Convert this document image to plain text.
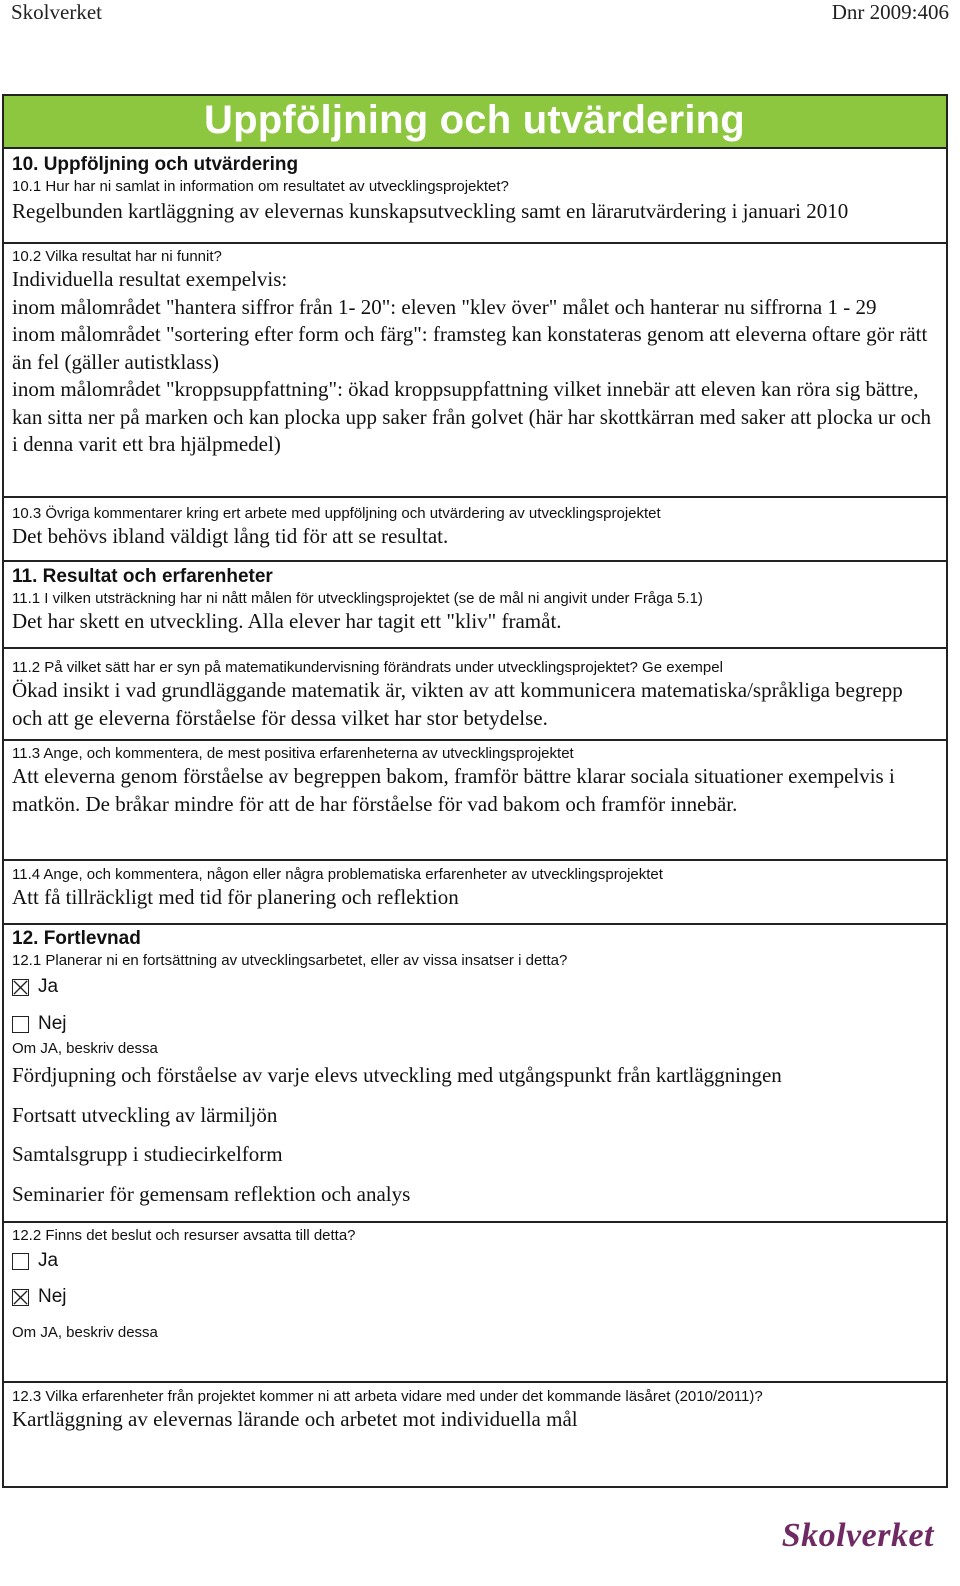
Skolverket	Dnr 2009:406
Uppföljning och utvärdering
10. Uppföljning och utvärdering
10.1 Hur har ni samlat in information om resultatet av utvecklingsprojektet?
Regelbunden kartläggning av elevernas kunskapsutveckling samt en lärarutvärdering i januari 2010
10.2 Vilka resultat har ni funnit?
Individuella resultat exempelvis:
inom målområdet "hantera siffror från 1- 20": eleven "klev över" målet och hanterar nu siffrorna 1 - 29
inom målområdet "sortering efter form och färg": framsteg kan konstateras genom att eleverna oftare gör rätt än fel (gäller autistklass)
inom målområdet "kroppsuppfattning": ökad kroppsuppfattning vilket innebär att eleven kan röra sig bättre, kan sitta ner på marken och kan plocka upp saker från golvet (här har skottkärran med saker att plocka ur och i denna varit ett bra hjälpmedel)
10.3 Övriga kommentarer kring ert arbete med uppföljning och utvärdering av utvecklingsprojektet
Det behövs ibland väldigt lång tid för att se resultat.
11. Resultat och erfarenheter
11.1 I vilken utsträckning har ni nått målen för utvecklingsprojektet (se de mål ni angivit under Fråga 5.1)
Det har skett en utveckling. Alla elever har tagit ett "kliv" framåt.
11.2 På vilket sätt har er syn på matematikundervisning förändrats under utvecklingsprojektet? Ge exempel
Ökad insikt i vad grundläggande matematik är, vikten av att kommunicera matematiska/språkliga begrepp och att ge eleverna förståelse för dessa vilket har stor betydelse.
11.3 Ange, och kommentera, de mest positiva erfarenheterna av utvecklingsprojektet
Att eleverna genom förståelse av begreppen bakom, framför bättre klarar sociala situationer exempelvis i matkön. De bråkar mindre för att de har förståelse för vad bakom och framför innebär.
11.4 Ange, och kommentera, någon eller några problematiska erfarenheter av utvecklingsprojektet
Att få tillräckligt med tid för planering och reflektion
12. Fortlevnad
12.1 Planerar ni en fortsättning av utvecklingsarbetet, eller av vissa insatser i detta?
Ja
Nej
Om JA, beskriv dessa
Fördjupning och förståelse av varje elevs utveckling med utgångspunkt från kartläggningen
Fortsatt utveckling av lärmiljön
Samtalsgrupp i studiecirkelform
Seminarier för gemensam reflektion och analys
12.2 Finns det beslut och resurser avsatta till detta?
Ja
Nej
Om JA, beskriv dessa
12.3 Vilka erfarenheter från projektet kommer ni att arbeta vidare med under det kommande läsåret (2010/2011)?
Kartläggning av elevernas lärande och arbetet mot individuella mål
Skolverket
